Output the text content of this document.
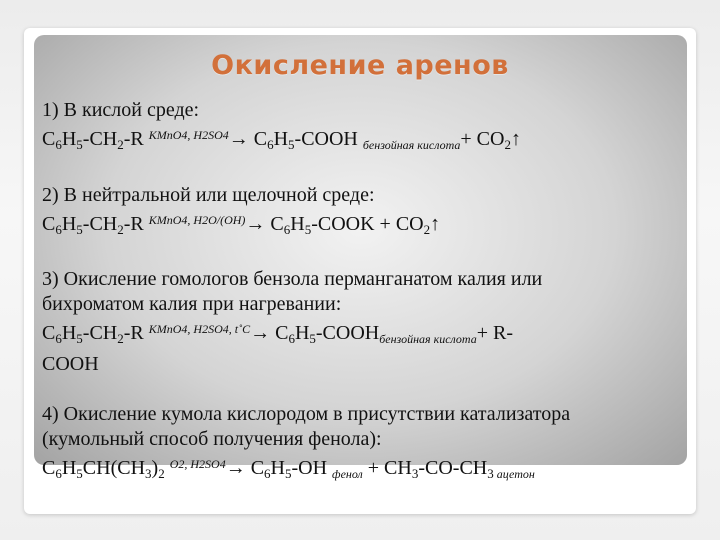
Окисление аренов

1) В кислой среде:

$C_6H_5-CH_2-R$ $^{KMnO4, H2SO4}\to C_6H_5$-COOH $_{бензойная кислота}+ CO_2↑$

2) В нейтральной или щелочной среде:

$C_6H_5-CH_2-R$ $^{KMnO4, H2O/(OH)}\to C_6H_5$-COOK + $CO_2↑$

3) Окисление гомологов бензола перманганатом калия или

бихроматом калия при нагревании:

$C_6H_5-CH_2-R$ $^{KMnO4, H2SO4, t˚C}\to C_6H_5-COOH_{бензойная кислота}+ R-$

COOH

4) Окисление кумола кислородом в присутствии катализатора

(кумольный способ получения фенола):

$C_6H_5CH(CH_3)_2$ $^{O2, H2SO4}\to C_6H_5-OH$ $_{фенол} + CH_3-CO-CH_3$ $_{ацетон}$
